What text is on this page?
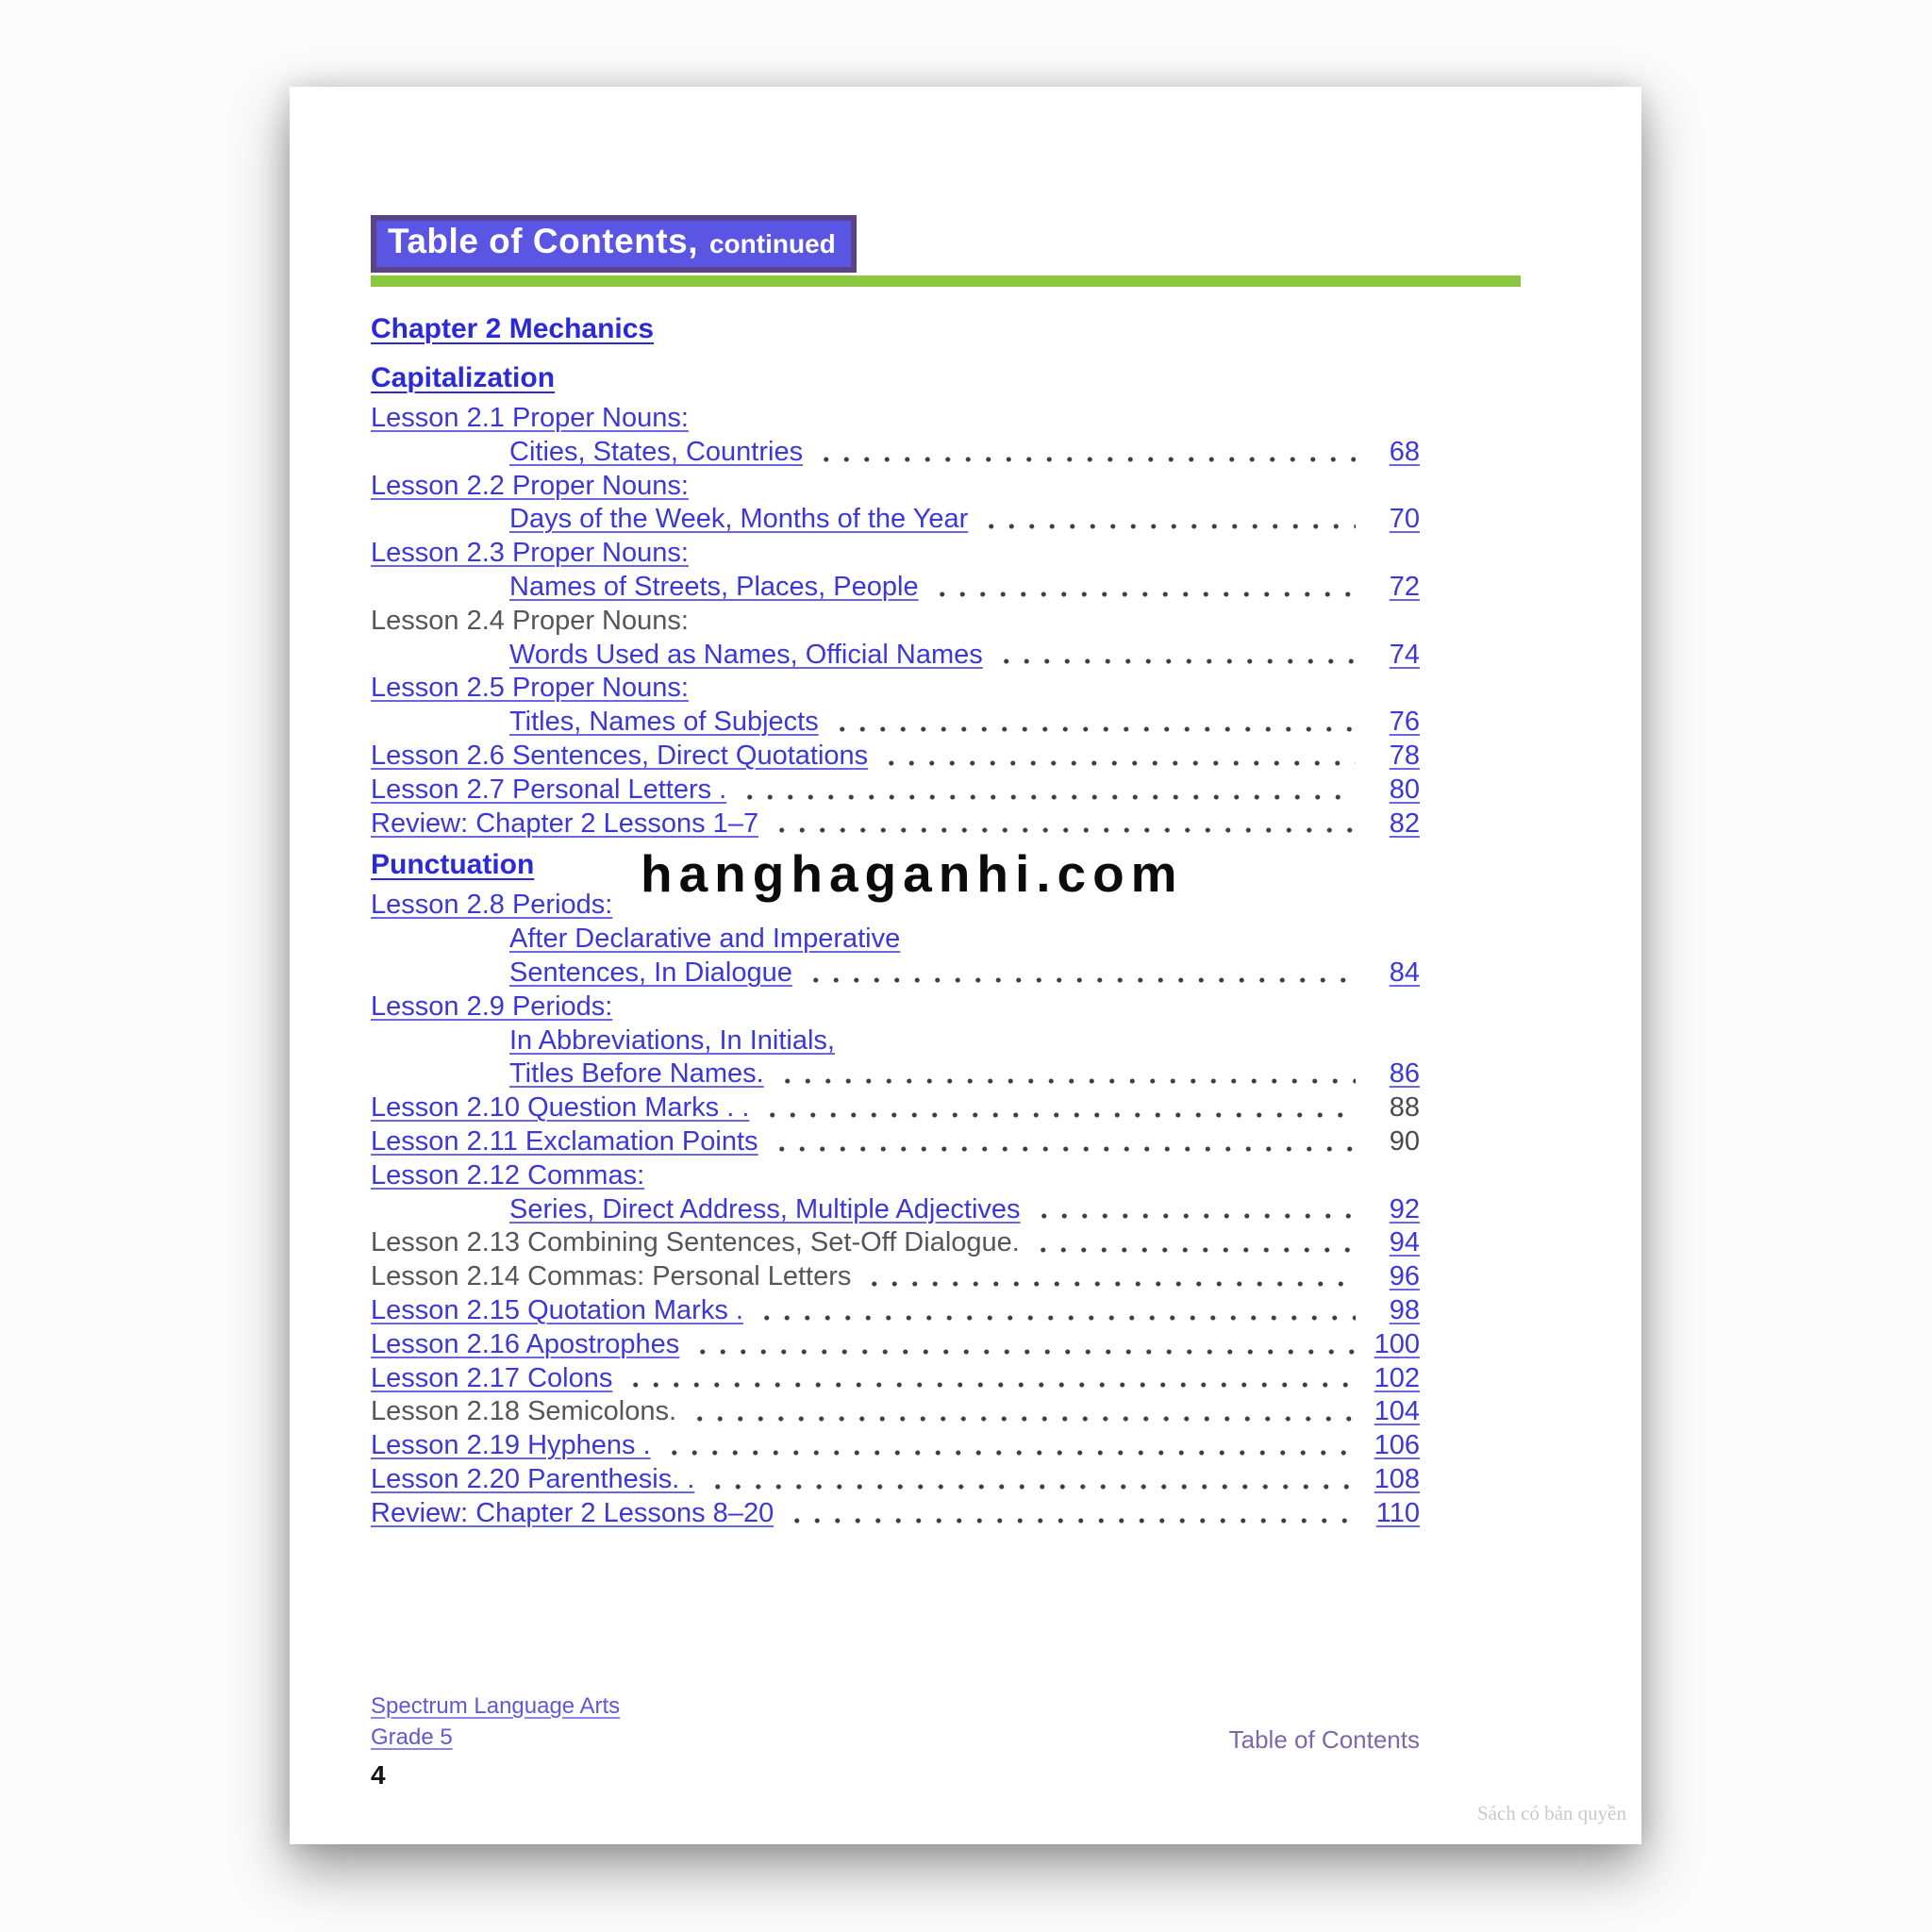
Table of Contents, continued
Chapter 2 Mechanics
Capitalization
Lesson 2.1 Proper Nouns:
Cities, States, Countries	68
Lesson 2.2 Proper Nouns:
Days of the Week, Months of the Year	70
Lesson 2.3 Proper Nouns:
Names of Streets, Places, People	72
Lesson 2.4 Proper Nouns:
Words Used as Names, Official Names	74
Lesson 2.5 Proper Nouns:
Titles, Names of Subjects	76
Lesson 2.6 Sentences, Direct Quotations	78
Lesson 2.7 Personal Letters .	80
Review: Chapter 2 Lessons 1–7	82
Punctuation
Lesson 2.8 Periods:
After Declarative and Imperative
Sentences, In Dialogue	84
Lesson 2.9 Periods:
In Abbreviations, In Initials,
Titles Before Names.	86
Lesson 2.10 Question Marks . .	88
Lesson 2.11 Exclamation Points	90
Lesson 2.12 Commas:
Series, Direct Address, Multiple Adjectives	92
Lesson 2.13 Combining Sentences, Set-Off Dialogue.	94
Lesson 2.14 Commas: Personal Letters	96
Lesson 2.15 Quotation Marks .	98
Lesson 2.16 Apostrophes	100
Lesson 2.17 Colons	102
Lesson 2.18 Semicolons.	104
Lesson 2.19 Hyphens .	106
Lesson 2.20 Parenthesis. .	108
Review: Chapter 2 Lessons 8–20	110
hanghaganhi.com
Spectrum Language Arts
Grade 5
4
Table of Contents
Sách có bản quyền
